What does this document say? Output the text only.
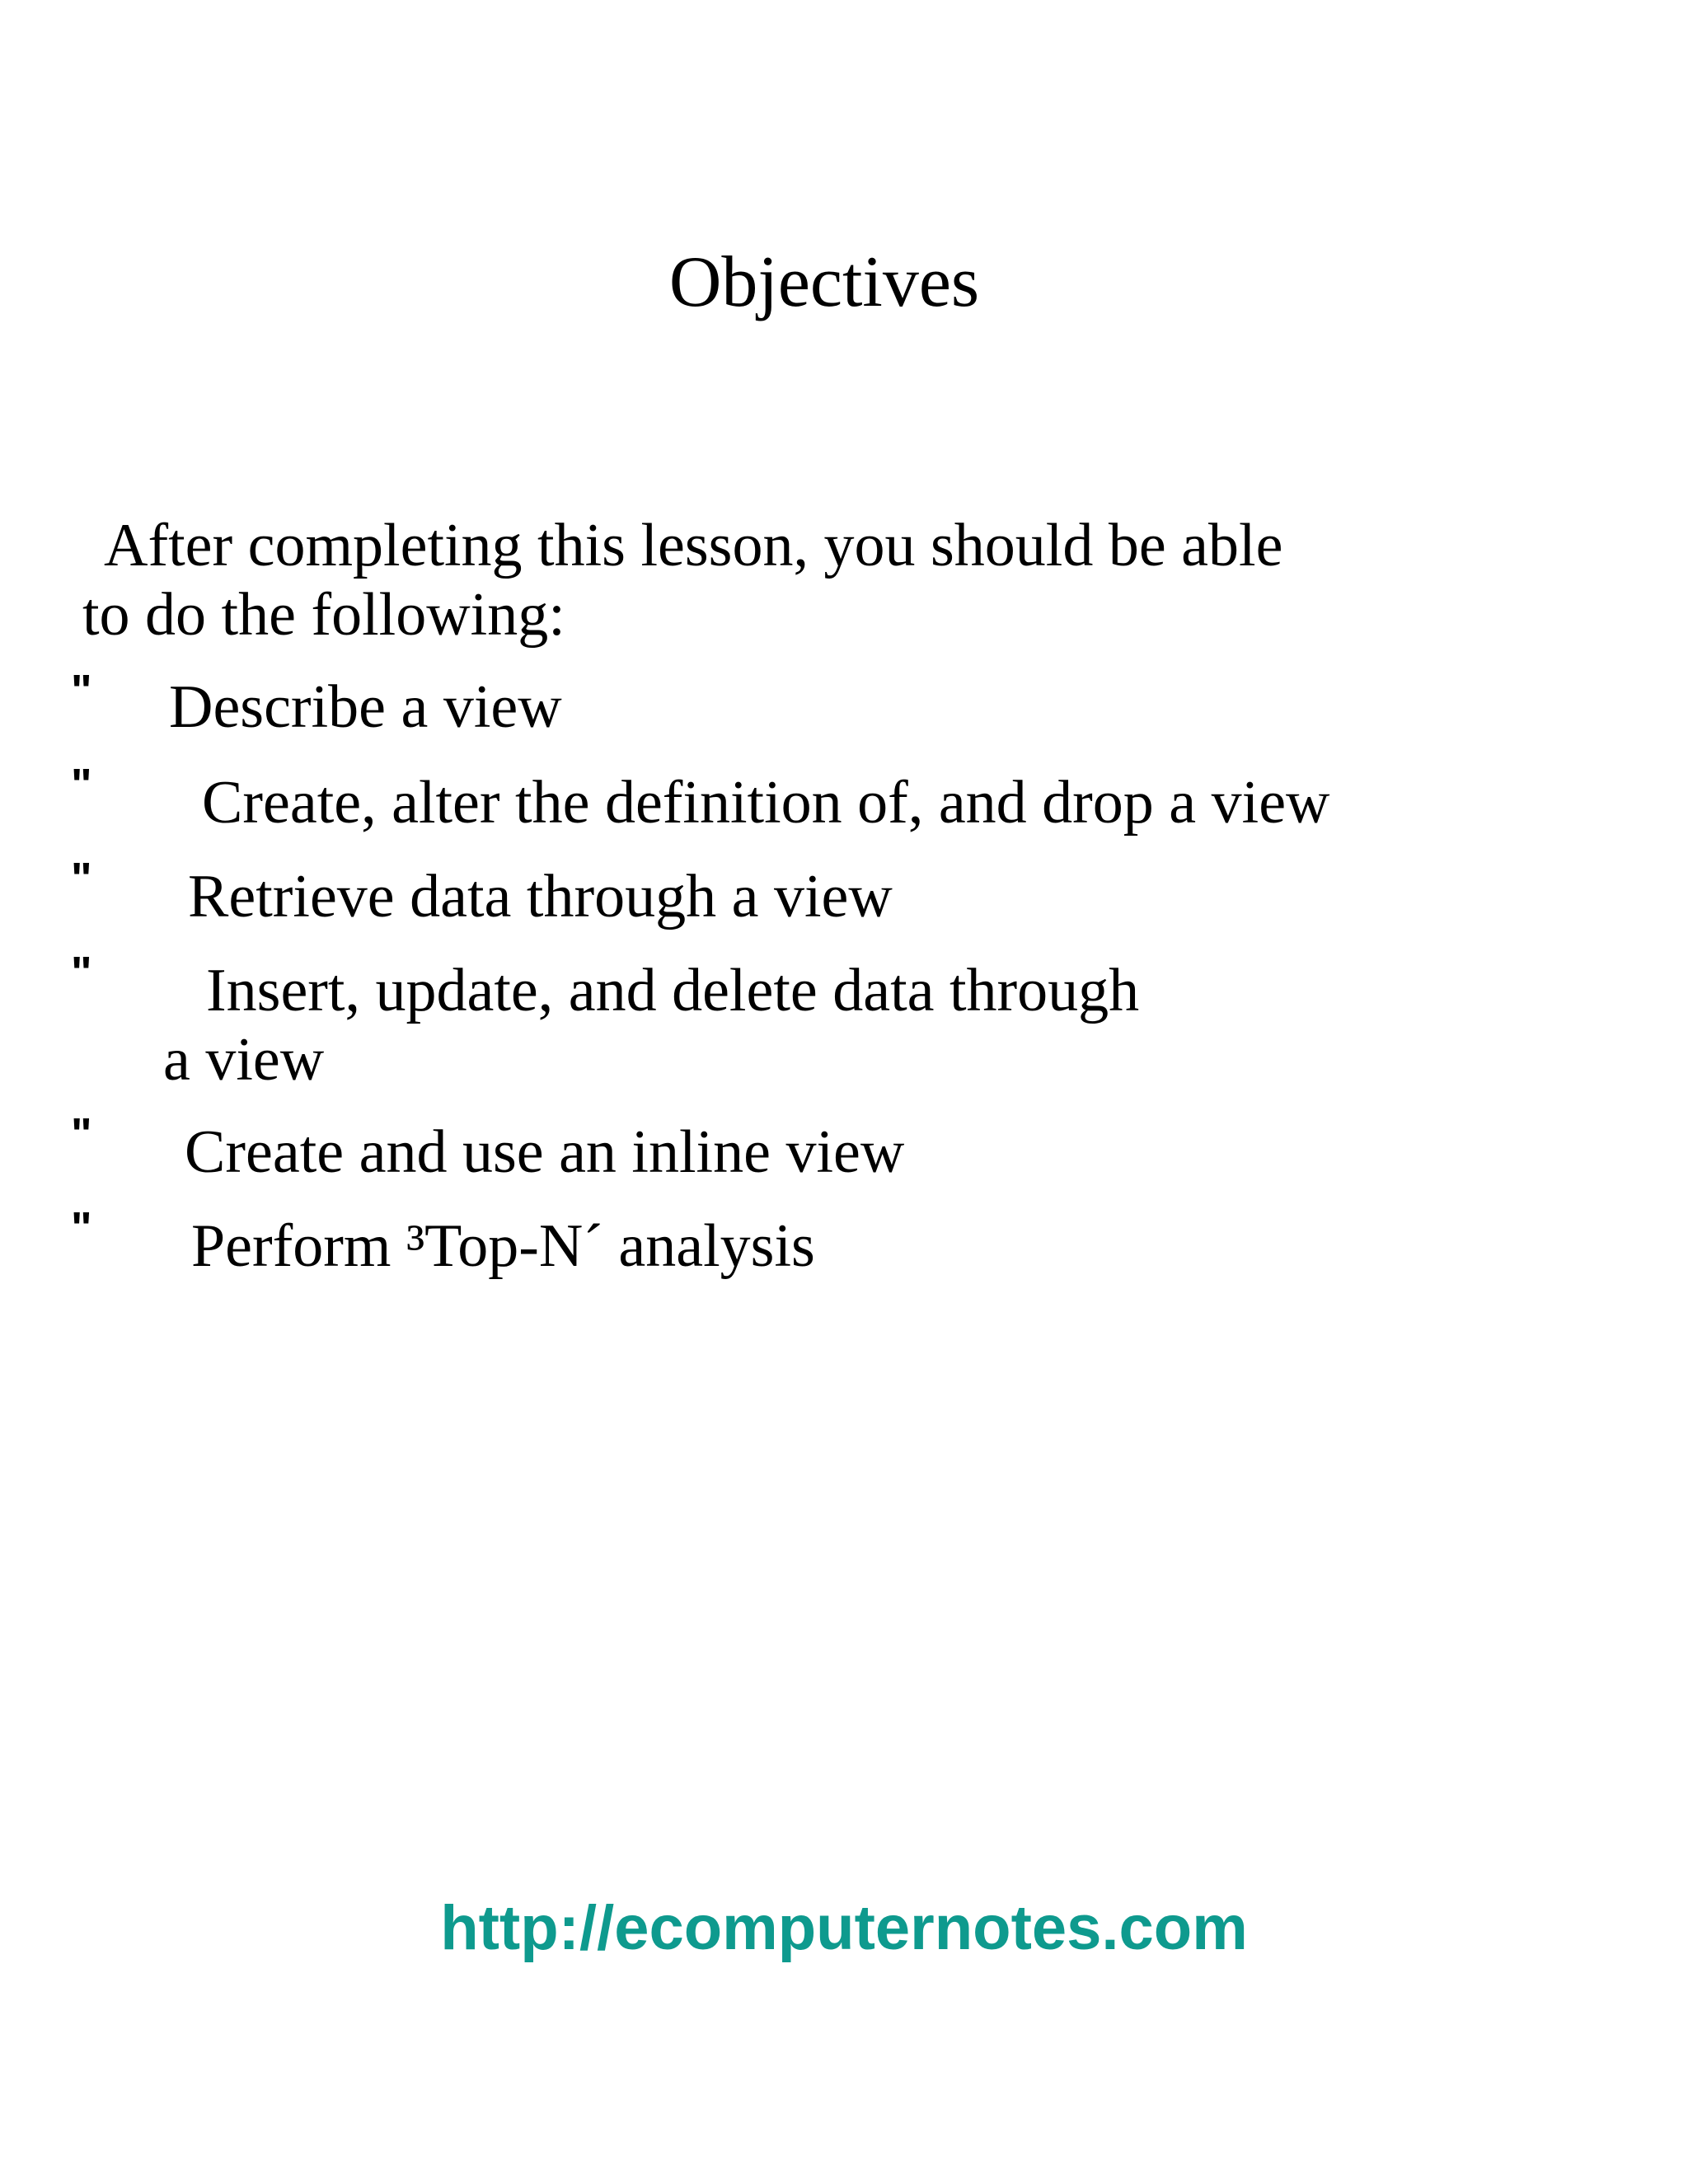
Objectives
After completing this lesson, you should be able
to do the following:
" Describe a view
" Create, alter the definition of, and drop a view
" Retrieve data through a view
" Insert, update, and delete data through
a view
" Create and use an inline view
" Perform ³Top-N´ analysis
http://ecomputernotes.com
